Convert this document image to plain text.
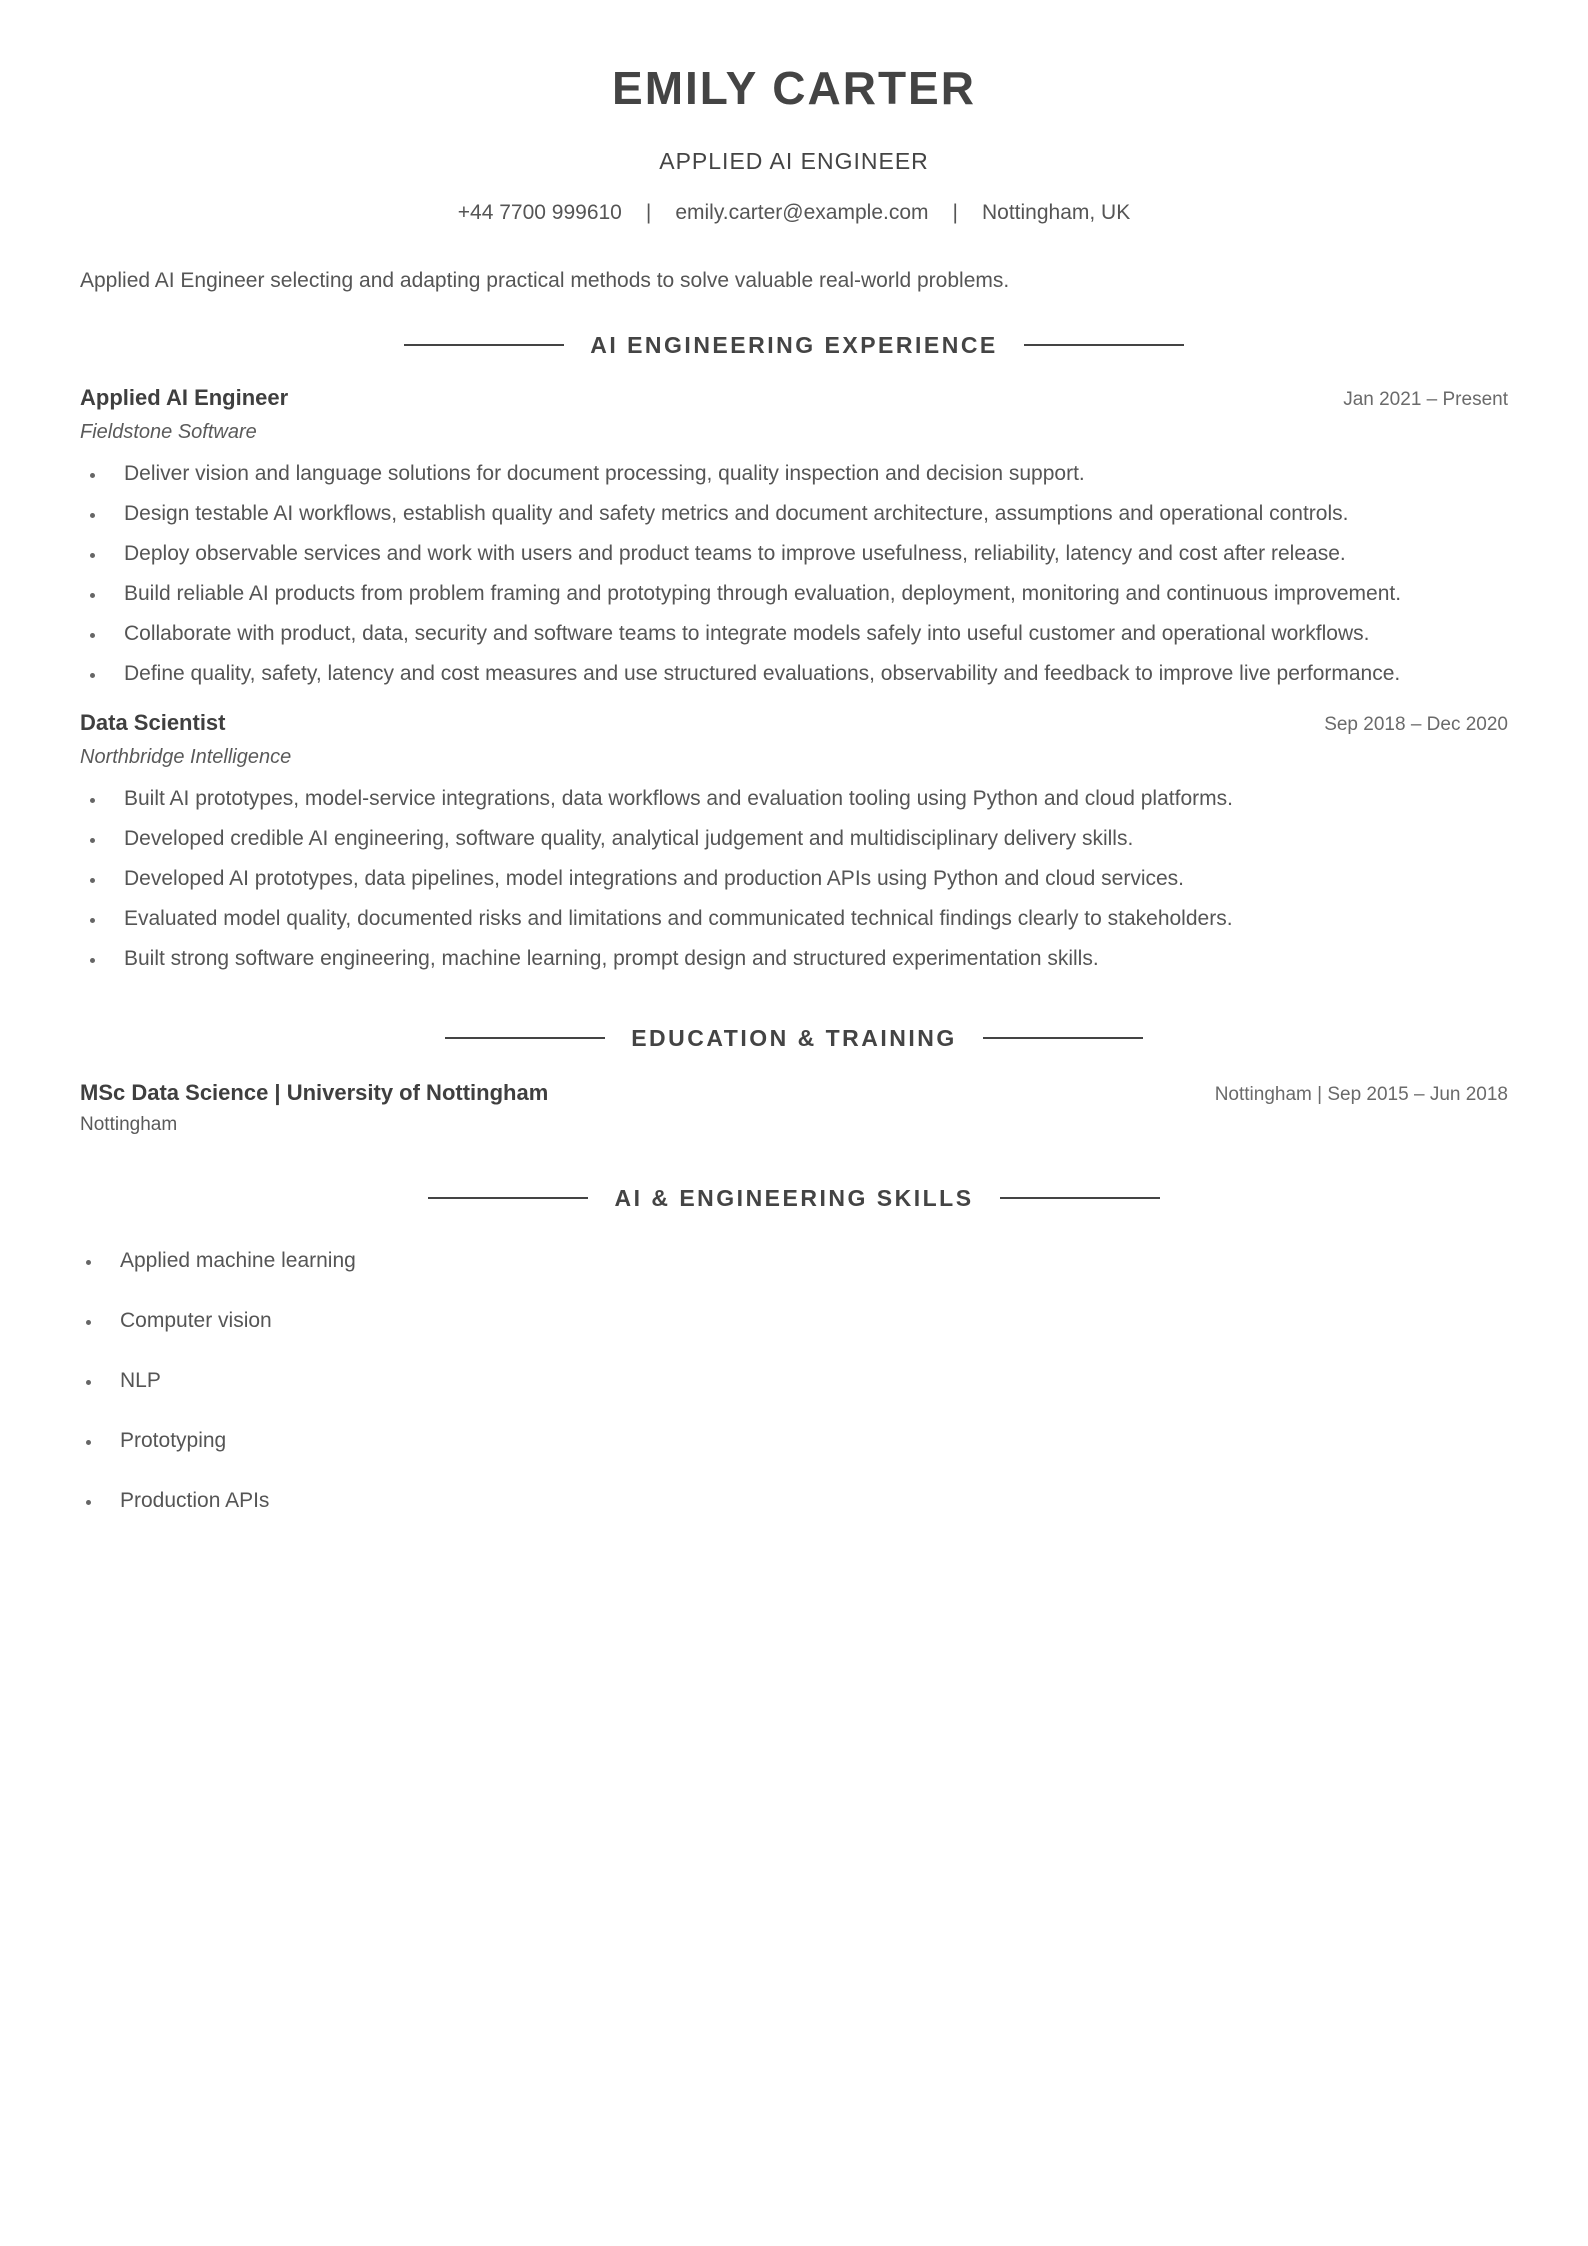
EMILY CARTER
APPLIED AI ENGINEER
+44 7700 999610 | emily.carter@example.com | Nottingham, UK
Applied AI Engineer selecting and adapting practical methods to solve valuable real-world problems.
AI ENGINEERING EXPERIENCE
Applied AI Engineer	Jan 2021 – Present
Fieldstone Software
Deliver vision and language solutions for document processing, quality inspection and decision support.
Design testable AI workflows, establish quality and safety metrics and document architecture, assumptions and operational controls.
Deploy observable services and work with users and product teams to improve usefulness, reliability, latency and cost after release.
Build reliable AI products from problem framing and prototyping through evaluation, deployment, monitoring and continuous improvement.
Collaborate with product, data, security and software teams to integrate models safely into useful customer and operational workflows.
Define quality, safety, latency and cost measures and use structured evaluations, observability and feedback to improve live performance.
Data Scientist	Sep 2018 – Dec 2020
Northbridge Intelligence
Built AI prototypes, model-service integrations, data workflows and evaluation tooling using Python and cloud platforms.
Developed credible AI engineering, software quality, analytical judgement and multidisciplinary delivery skills.
Developed AI prototypes, data pipelines, model integrations and production APIs using Python and cloud services.
Evaluated model quality, documented risks and limitations and communicated technical findings clearly to stakeholders.
Built strong software engineering, machine learning, prompt design and structured experimentation skills.
EDUCATION & TRAINING
MSc Data Science | University of Nottingham	Nottingham | Sep 2015 – Jun 2018
Nottingham
AI & ENGINEERING SKILLS
Applied machine learning
Computer vision
NLP
Prototyping
Production APIs
